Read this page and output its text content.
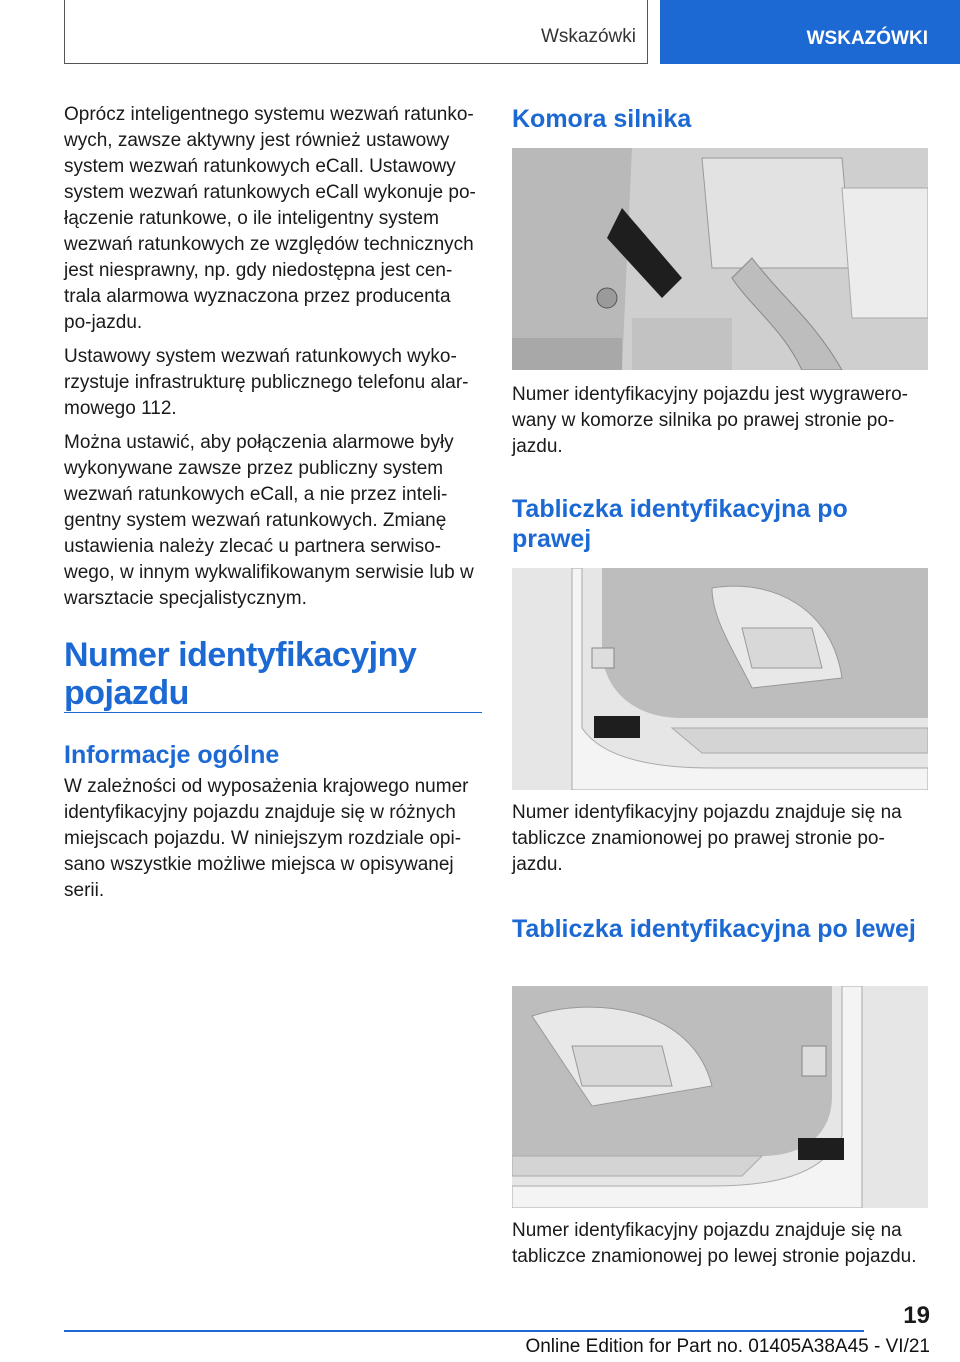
Wskazówki	WSKAZÓWKI

Oprócz inteligentnego systemu wezwań ratunko-wych, zawsze aktywny jest również ustawowy system wezwań ratunkowych eCall. Ustawowy system wezwań ratunkowych eCall wykonuje po-łączenie ratunkowe, o ile inteligentny system wezwań ratunkowych ze względów technicznych jest niesprawny, np. gdy niedostępna jest cen-trala alarmowa wyznaczona przez producenta po-jazdu.

Ustawowy system wezwań ratunkowych wyko-rzystuje infrastrukturę publicznego telefonu alar-mowego 112.

Można ustawić, aby połączenia alarmowe były wykonywane zawsze przez publiczny system wezwań ratunkowych eCall, a nie przez inteli-gentny system wezwań ratunkowych. Zmianę ustawienia należy zlecać u partnera serwiso-wego, w innym wykwalifikowanym serwisie lub w warsztacie specjalistycznym.

Numer identyfikacyjny pojazdu
Informacje ogólne
W zależności od wyposażenia krajowego numer identyfikacyjny pojazdu znajduje się w różnych miejscach pojazdu. W niniejszym rozdziale opi-sano wszystkie możliwe miejsca w opisywanej serii.
Komora silnika
Numer identyfikacyjny pojazdu jest wygrawero-wany w komorze silnika po prawej stronie po-jazdu.
Tabliczka identyfikacyjna po prawej
Numer identyfikacyjny pojazdu znajduje się na tabliczce znamionowej po prawej stronie po-jazdu.
Tabliczka identyfikacyjna po lewej
Numer identyfikacyjny pojazdu znajduje się na tabliczce znamionowej po lewej stronie pojazdu.
19
Online Edition for Part no. 01405A38A45 - VI/21
